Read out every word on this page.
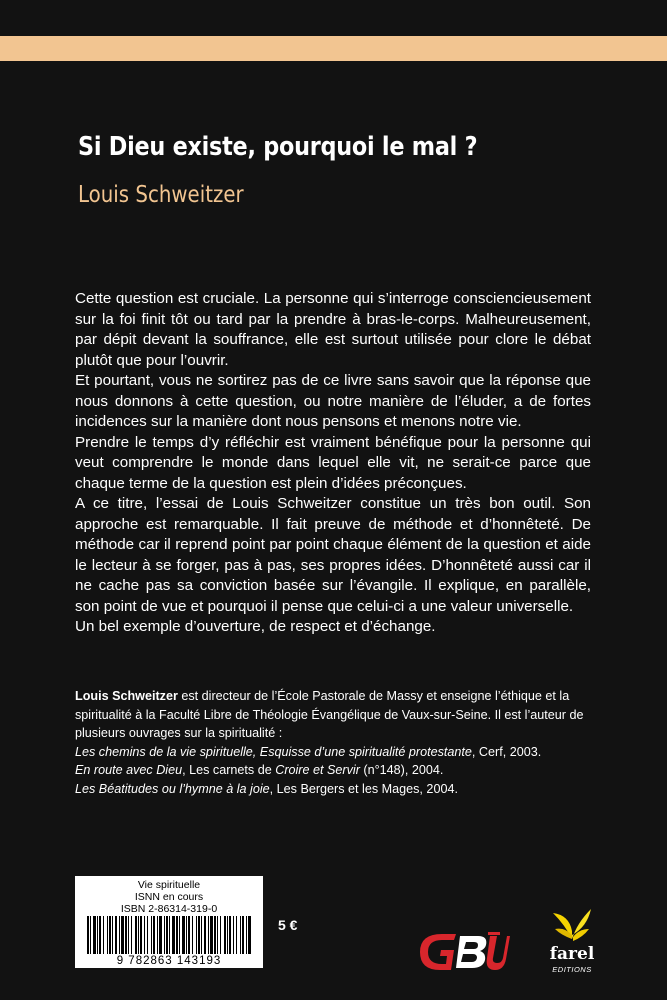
Si Dieu existe, pourquoi le mal ?
Louis Schweitzer

Cette question est cruciale. La personne qui s’interroge consciencieusement sur la foi finit tôt ou tard par la prendre à bras-le-corps. Malheureusement, par dépit devant la souffrance, elle est surtout utilisée pour clore le débat plutôt que pour l’ouvrir.

Et pourtant, vous ne sortirez pas de ce livre sans savoir que la réponse que nous donnons à cette question, ou notre manière de l’éluder, a de fortes incidences sur la manière dont nous pensons et menons notre vie.

Prendre le temps d’y réfléchir est vraiment bénéfique pour la personne qui veut comprendre le monde dans lequel elle vit, ne serait-ce parce que chaque terme de la question est plein d’idées préconçues.

A ce titre, l’essai de Louis Schweitzer constitue un très bon outil. Son approche est remarquable. Il fait preuve de méthode et d’honnêteté. De méthode car il reprend point par point chaque élément de la question et aide le lecteur à se forger, pas à pas, ses propres idées. D’honnêteté aussi car il ne cache pas sa conviction basée sur l’évangile. Il explique, en parallèle, son point de vue et pourquoi il pense que celui-ci a une valeur universelle.

Un bel exemple d’ouverture, de respect et d’échange.

Louis Schweitzer est directeur de l’École Pastorale de Massy et enseigne l’éthique et la spiritualité à la Faculté Libre de Théologie Évangélique de Vaux-sur-Seine. Il est l’auteur de plusieurs ouvrages sur la spiritualité :

Les chemins de la vie spirituelle, Esquisse d’une spiritualité protestante, Cerf, 2003.

En route avec Dieu, Les carnets de Croire et Servir (n°148), 2004.

Les Béatitudes ou l’hymne à la joie, Les Bergers et les Mages, 2004.

Vie spirituelle
ISNN en cours
ISBN 2-86314-319-0
9 782863 143193
5 €
farel
EDITIONS
